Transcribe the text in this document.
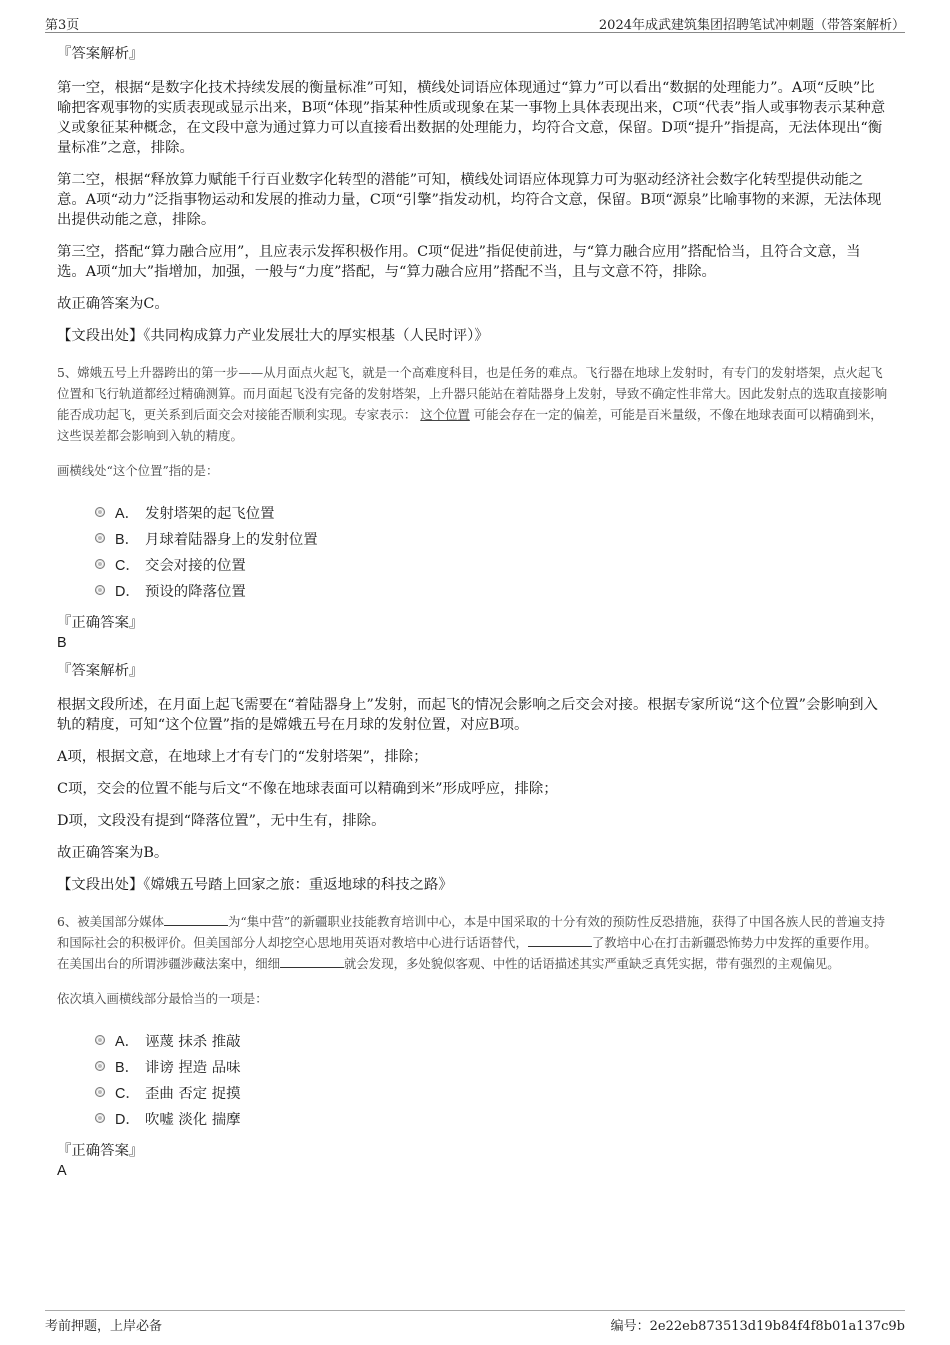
第3页	2024年成武建筑集团招聘笔试冲刺题（带答案解析）
『答案解析』
第一空，根据“是数字化技术持续发展的衡量标准”可知，横线处词语应体现通过“算力”可以看出“数据的处理能力”。A项“反映”比喻把客观事物的实质表现或显示出来，B项“体现”指某种性质或现象在某一事物上具体表现出来，C项“代表”指人或事物表示某种意义或象征某种概念，在文段中意为通过算力可以直接看出数据的处理能力，均符合文意，保留。D项“提升”指提高，无法体现出“衡量标准”之意，排除。
第二空，根据“释放算力赋能千行百业数字化转型的潜能”可知，横线处词语应体现算力可为驱动经济社会数字化转型提供动能之意。A项“动力”泛指事物运动和发展的推动力量，C项“引擎”指发动机，均符合文意，保留。B项“源泉”比喻事物的来源，无法体现出提供动能之意，排除。
第三空，搭配“算力融合应用”，且应表示发挥积极作用。C项“促进”指促使前进，与“算力融合应用”搭配恰当，且符合文意，当选。A项“加大”指增加，加强，一般与“力度”搭配，与“算力融合应用”搭配不当，且与文意不符，排除。
故正确答案为C。
【文段出处】《共同构成算力产业发展壮大的厚实根基（人民时评）》
5、嫦娥五号上升器跨出的第一步——从月面点火起飞，就是一个高难度科目，也是任务的难点。飞行器在地球上发射时，有专门的发射塔架，点火起飞位置和飞行轨道都经过精确测算。而月面起飞没有完备的发射塔架，上升器只能站在着陆器身上发射，导致不确定性非常大。因此发射点的选取直接影响能否成功起飞，更关系到后面交会对接能否顺利实现。专家表示： 这个位置 可能会存在一定的偏差，可能是百米量级，不像在地球表面可以精确到米，这些误差都会影响到入轨的精度。
画横线处“这个位置”指的是：
A． 发射塔架的起飞位置
B． 月球着陆器身上的发射位置
C． 交会对接的位置
D． 预设的降落位置
『正确答案』
B
『答案解析』
根据文段所述，在月面上起飞需要在“着陆器身上”发射，而起飞的情况会影响之后交会对接。根据专家所说“这个位置”会影响到入轨的精度，可知“这个位置”指的是嫦娥五号在月球的发射位置，对应B项。
A项，根据文意，在地球上才有专门的“发射塔架”，排除；
C项，交会的位置不能与后文“不像在地球表面可以精确到米”形成呼应，排除；
D项，文段没有提到“降落位置”，无中生有，排除。
故正确答案为B。
【文段出处】《嫦娥五号踏上回家之旅：重返地球的科技之路》
6、被美国部分媒体	为“集中营”的新疆职业技能教育培训中心，本是中国采取的十分有效的预防性反恐措施，获得了中国各族人民的普遍支持和国际社会的积极评价。但美国部分人却挖空心思地用英语对教培中心进行话语替代，	了教培中心在打击新疆恐怖势力中发挥的重要作用。在美国出台的所谓涉疆涉藏法案中，细细	就会发现，多处貌似客观、中性的话语描述其实严重缺乏真凭实据，带有强烈的主观偏见。
依次填入画横线部分最恰当的一项是：
A． 诬蔑 抹杀 推敲
B． 诽谤 捏造 品味
C． 歪曲 否定 捉摸
D． 吹嘘 淡化 揣摩
『正确答案』
A
考前押题，上岸必备	编号：2e22eb873513d19b84f4f8b01a137c9b
